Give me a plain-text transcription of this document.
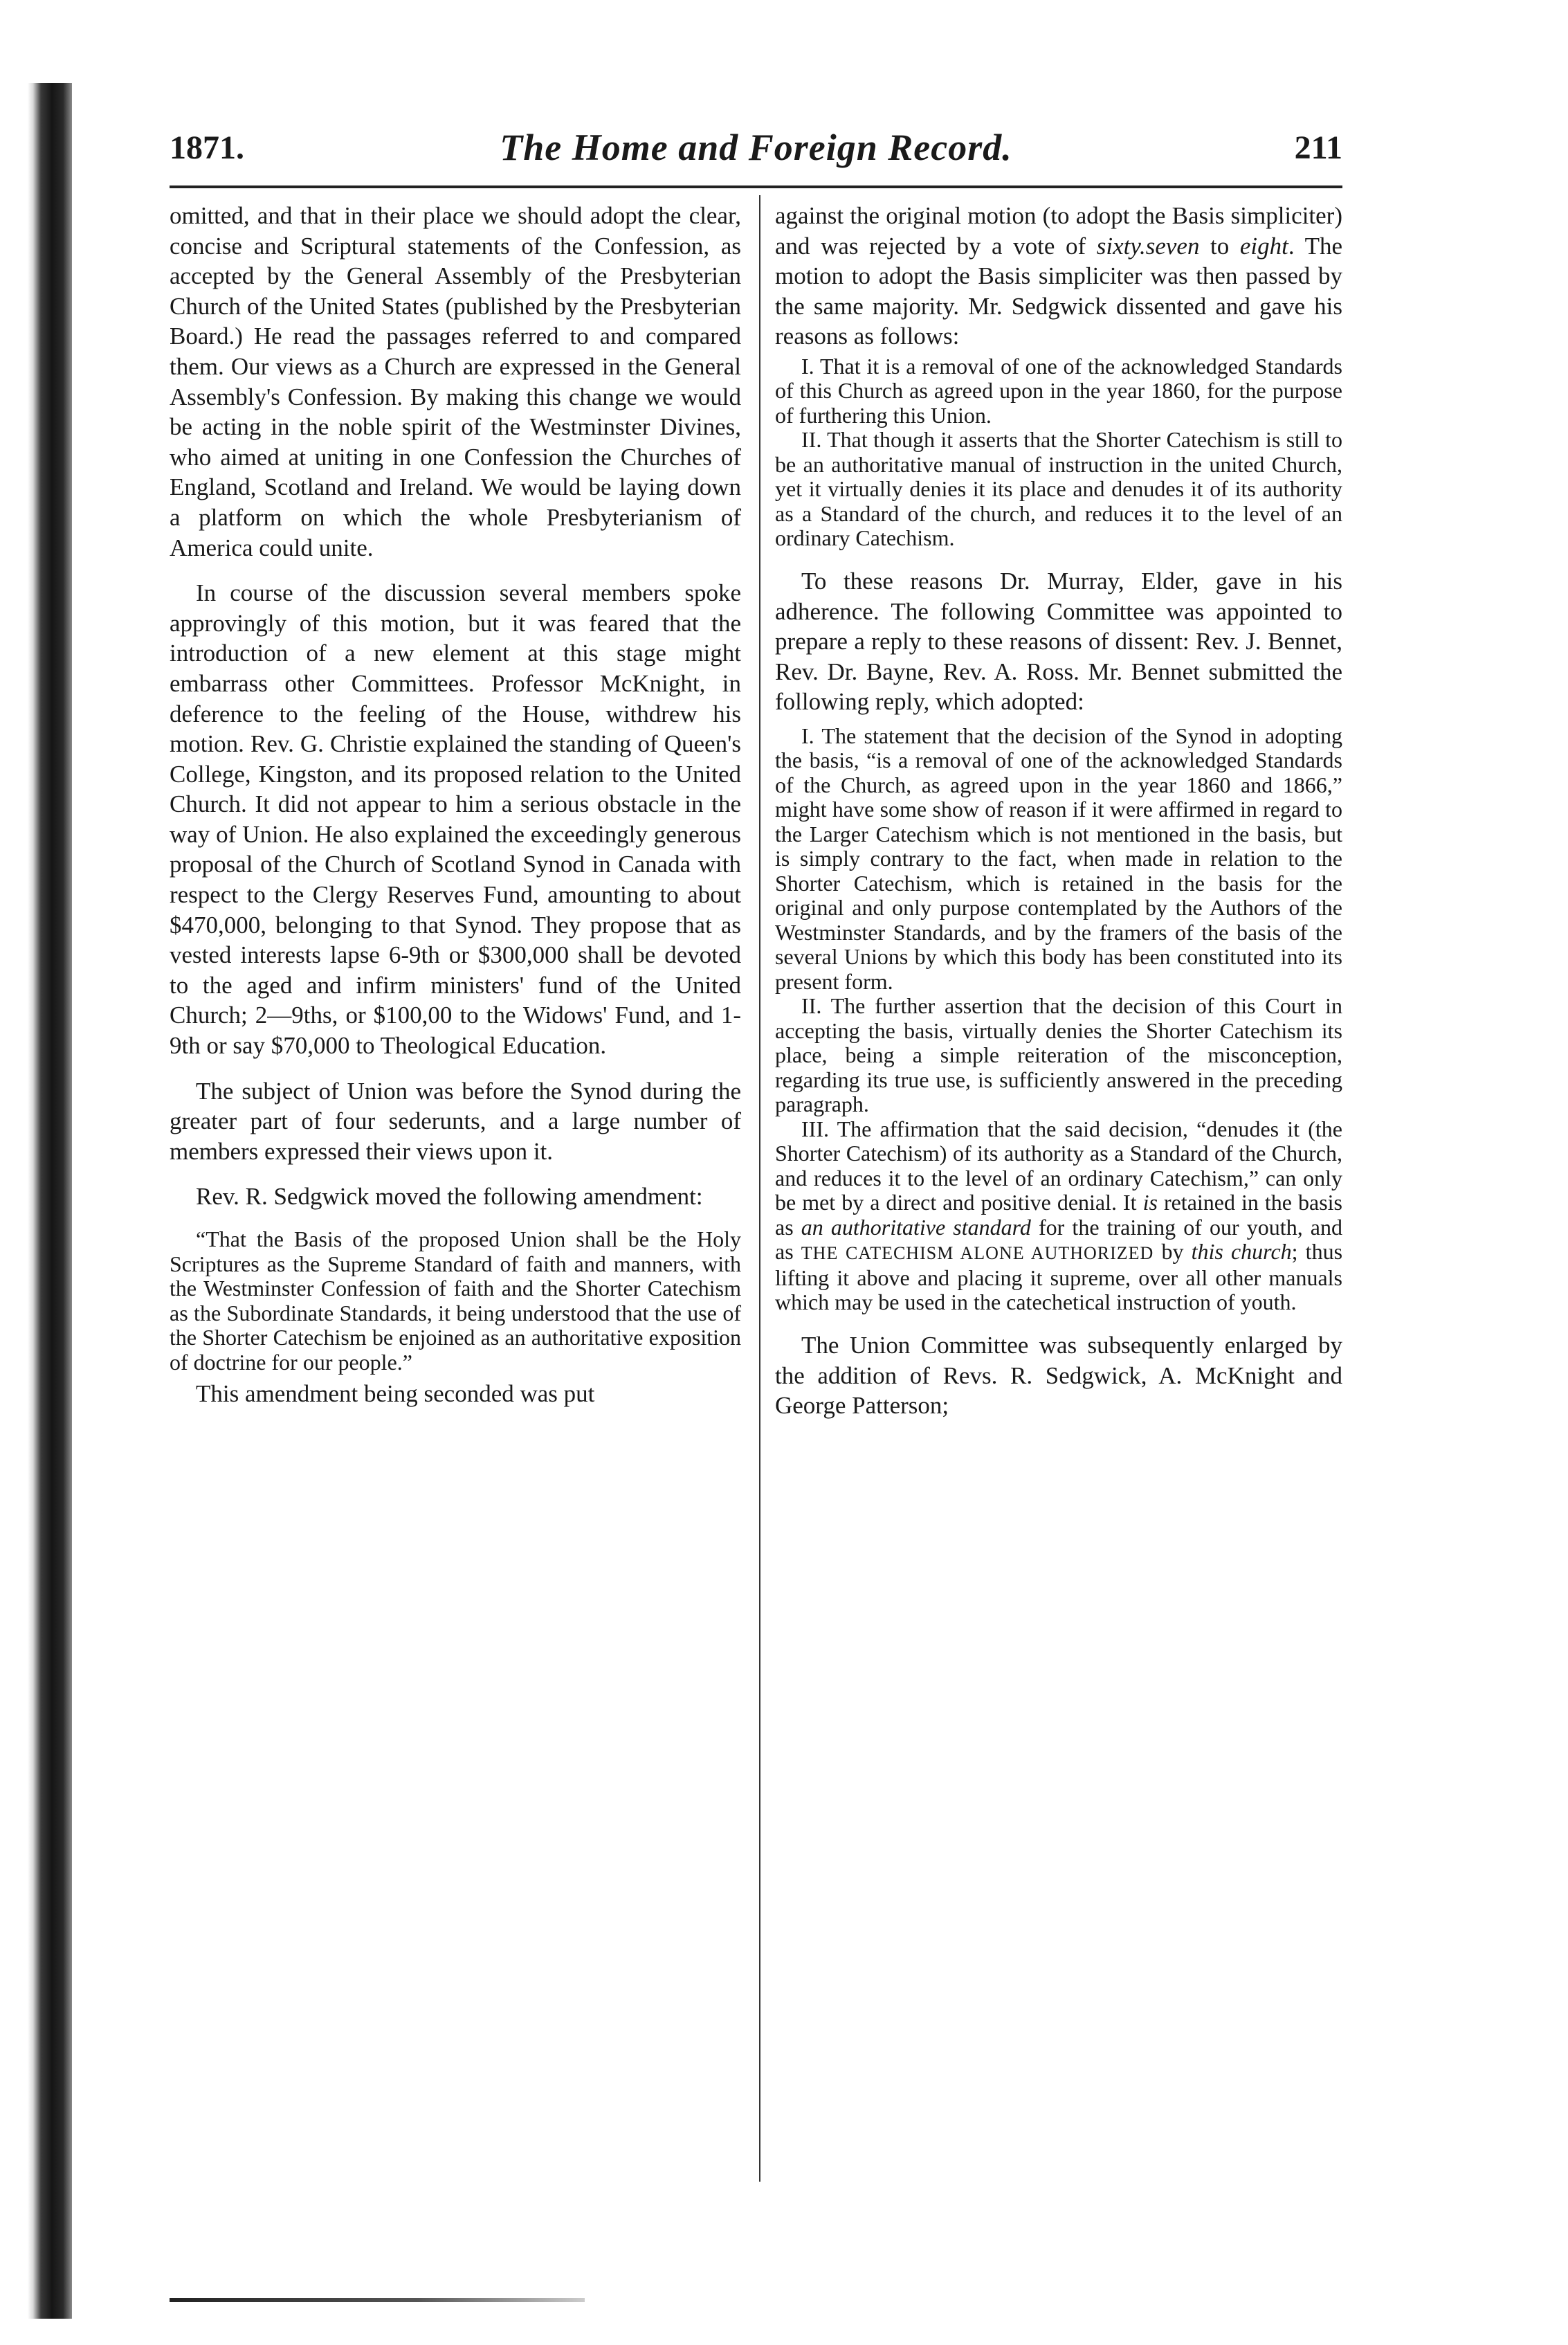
1871.	The Home and Foreign Record.	211

omitted, and that in their place we should adopt the clear, concise and Scriptural statements of the Confession, as accepted by the General Assembly of the Presbyterian Church of the United States (published by the Presbyterian Board.) He read the passages referred to and compared them. Our views as a Church are expressed in the General Assembly's Confession. By making this change we would be acting in the noble spirit of the Westminster Divines, who aimed at uniting in one Confession the Churches of England, Scotland and Ireland. We would be laying down a platform on which the whole Presbyterianism of America could unite.

In course of the discussion several members spoke approvingly of this motion, but it was feared that the introduction of a new element at this stage might embarrass other Committees. Professor McKnight, in deference to the feeling of the House, withdrew his motion. Rev. G. Christie explained the standing of Queen's College, Kingston, and its proposed relation to the United Church. It did not appear to him a serious obstacle in the way of Union. He also explained the exceedingly generous proposal of the Church of Scotland Synod in Canada with respect to the Clergy Reserves Fund, amounting to about $470,000, belonging to that Synod. They propose that as vested interests lapse 6-9th or $300,000 shall be devoted to the aged and infirm ministers' fund of the United Church; 2—9ths, or $100,00 to the Widows' Fund, and 1-9th or say $70,000 to Theological Education.

The subject of Union was before the Synod during the greater part of four sederunts, and a large number of members expressed their views upon it.

Rev. R. Sedgwick moved the following amendment:

“That the Basis of the proposed Union shall be the Holy Scriptures as the Supreme Standard of faith and manners, with the Westminster Confession of faith and the Shorter Catechism as the Subordinate Standards, it being understood that the use of the Shorter Catechism be enjoined as an authoritative exposition of doctrine for our people.”

This amendment being seconded was put

against the original motion (to adopt the Basis simpliciter) and was rejected by a vote of sixty.seven to eight. The motion to adopt the Basis simpliciter was then passed by the same majority. Mr. Sedgwick dissented and gave his reasons as follows:

I. That it is a removal of one of the acknowledged Standards of this Church as agreed upon in the year 1860, for the purpose of furthering this Union.

II. That though it asserts that the Shorter Catechism is still to be an authoritative manual of instruction in the united Church, yet it virtually denies it its place and denudes it of its authority as a Standard of the church, and reduces it to the level of an ordinary Catechism.

To these reasons Dr. Murray, Elder, gave in his adherence. The following Committee was appointed to prepare a reply to these reasons of dissent: Rev. J. Bennet, Rev. Dr. Bayne, Rev. A. Ross. Mr. Bennet submitted the following reply, which adopted:

I. The statement that the decision of the Synod in adopting the basis, “is a removal of one of the acknowledged Standards of the Church, as agreed upon in the year 1860 and 1866,” might have some show of reason if it were affirmed in regard to the Larger Catechism which is not mentioned in the basis, but is simply contrary to the fact, when made in relation to the Shorter Catechism, which is retained in the basis for the original and only purpose contemplated by the Authors of the Westminster Standards, and by the framers of the basis of the several Unions by which this body has been constituted into its present form.

II. The further assertion that the decision of this Court in accepting the basis, virtually denies the Shorter Catechism its place, being a simple reiteration of the misconception, regarding its true use, is sufficiently answered in the preceding paragraph.

III. The affirmation that the said decision, “denudes it (the Shorter Catechism) of its authority as a Standard of the Church, and reduces it to the level of an ordinary Catechism,” can only be met by a direct and positive denial. It is retained in the basis as an authoritative standard for the training of our youth, and as THE CATECHISM ALONE AUTHORIZED by this church; thus lifting it above and placing it supreme, over all other manuals which may be used in the catechetical instruction of youth.

The Union Committee was subsequently enlarged by the addition of Revs. R. Sedgwick, A. McKnight and George Patterson;
